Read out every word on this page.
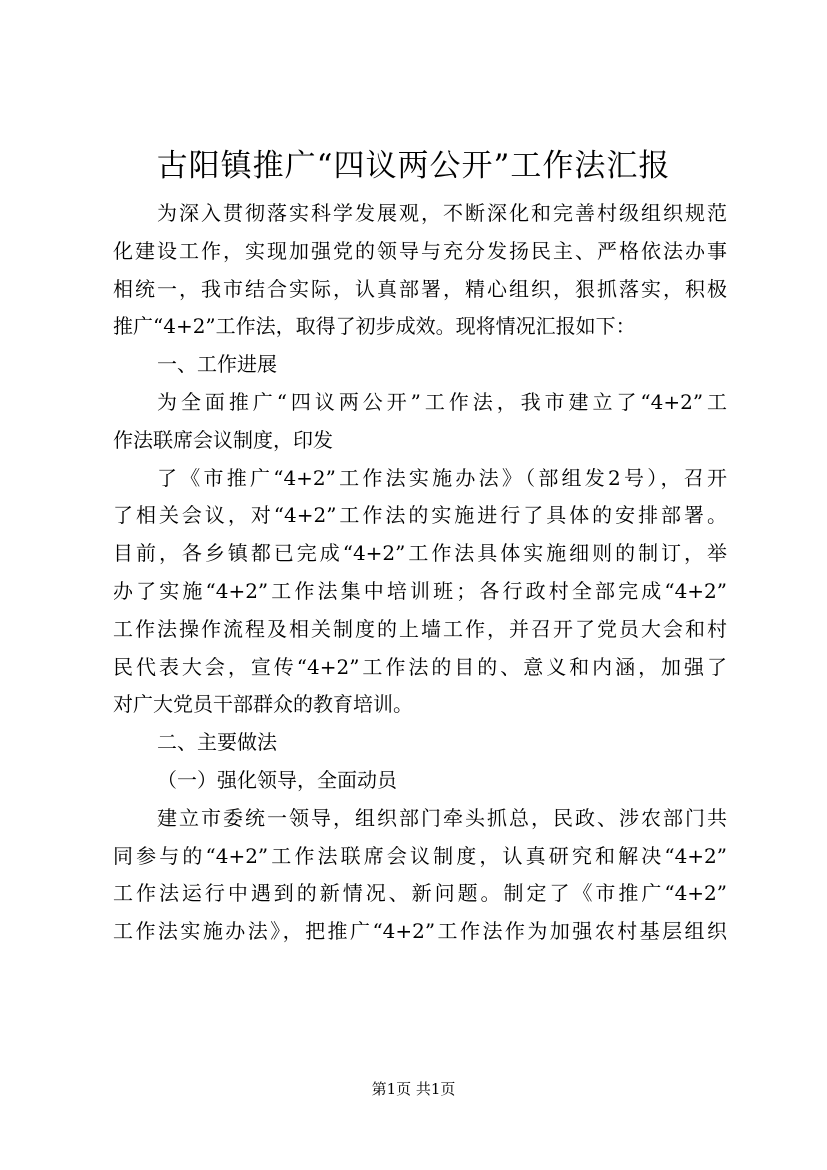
古阳镇推广“四议两公开”工作法汇报
为深入贯彻落实科学发展观，不断深化和完善村级组织规范
化建设工作，实现加强党的领导与充分发扬民主、严格依法办事
相统一，我市结合实际，认真部署，精心组织，狠抓落实，积极
推广“4+2”工作法，取得了初步成效。现将情况汇报如下：
一、工作进展
为全面推广“四议两公开”工作法，我市建立了“4+2”工
作法联席会议制度，印发
了《市推广“4+2”工作法实施办法》（部组发2号），召开
了相关会议，对“4+2”工作法的实施进行了具体的安排部署。
目前，各乡镇都已完成“4+2”工作法具体实施细则的制订，举
办了实施“4+2”工作法集中培训班；各行政村全部完成“4+2”
工作法操作流程及相关制度的上墙工作，并召开了党员大会和村
民代表大会，宣传“4+2”工作法的目的、意义和内涵，加强了
对广大党员干部群众的教育培训。
二、主要做法
（一）强化领导，全面动员
建立市委统一领导，组织部门牵头抓总，民政、涉农部门共
同参与的“4+2”工作法联席会议制度，认真研究和解决“4+2”
工作法运行中遇到的新情况、新问题。制定了《市推广“4+2”
工作法实施办法》，把推广“4+2”工作法作为加强农村基层组织
第1页 共1页
